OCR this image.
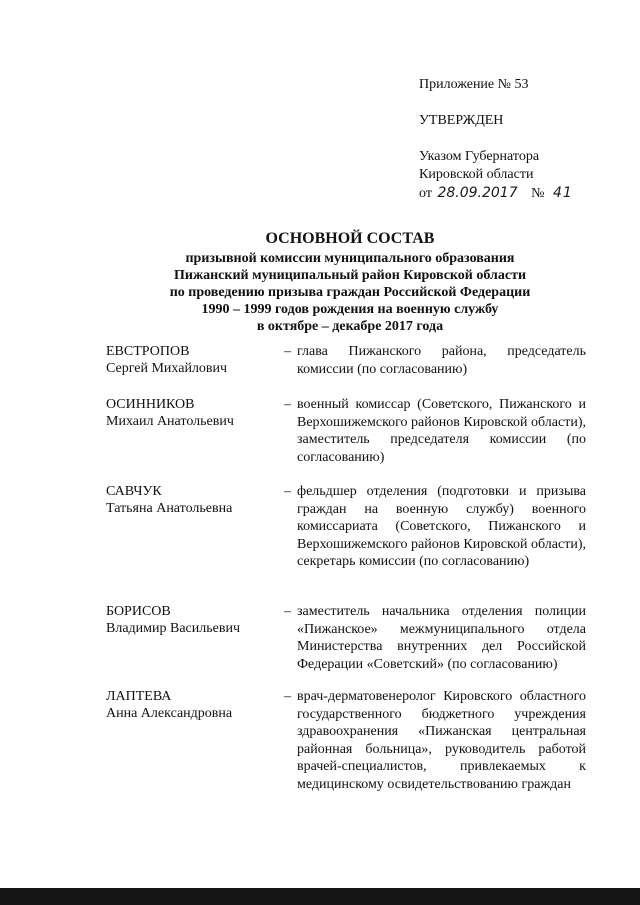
Приложение № 53
УТВЕРЖДЕН
Указом Губернатора
Кировской области
от 28.09.2017 № 41
ОСНОВНОЙ СОСТАВ
призывной комиссии муниципального образования
Пижанский муниципальный район Кировской области
по проведению призыва граждан Российской Федерации
1990 – 1999 годов рождения на военную службу
в октябре – декабре 2017 года
ЕВСТРОПОВ
Сергей Михайлович
– глава Пижанского района, председатель комиссии (по согласованию)
ОСИННИКОВ
Михаил Анатольевич
– военный комиссар (Советского, Пижанского и Верхошижемского районов Кировской области), заместитель председателя комиссии (по согласованию)
САВЧУК
Татьяна Анатольевна
– фельдшер отделения (подготовки и призыва граждан на военную службу) военного комиссариата (Советского, Пижанского и Верхошижемского районов Кировской области), секретарь комиссии (по согласованию)
БОРИСОВ
Владимир Васильевич
– заместитель начальника отделения полиции «Пижанское» межмуниципального отдела Министерства внутренних дел Российской Федерации «Советский» (по согласованию)
ЛАПТЕВА
Анна Александровна
– врач-дерматовенеролог Кировского областного государственного бюджетного учреждения здравоохранения «Пижанская центральная районная больница», руководитель работой врачей-специалистов, привлекаемых к медицинскому освидетельствованию граждан
